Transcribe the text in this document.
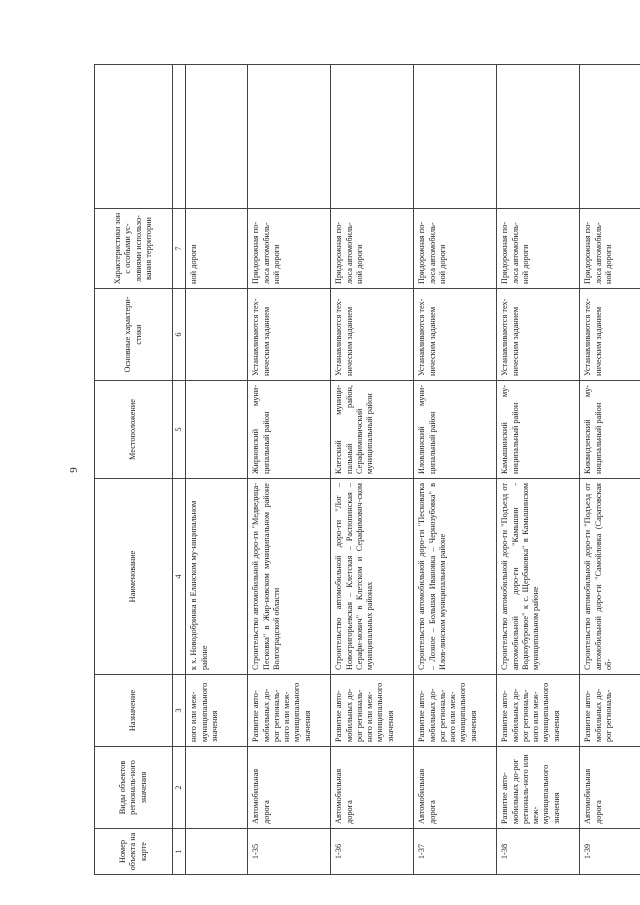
9
Номер объекта на карте	Виды объектов региональ-ного значения	Назначение	Наименование	Местоположение	Основные характери-стики	Характеристики зон с особыми ус-ловиями использо-вания территории	
1	2	3	4	5	6	7	
		ного или меж-муниципального значения	к х. Новодобринка в Еланском му-ниципальном районе			ной дороги	
1-35	Автомобильная дорога	Развитие авто-мобильных до-рог региональ-ного или меж-муниципального значения	Строительство автомобильной доро-ги "Медведица-Песковка" в Жир-новском муниципальном районе Волгоградской области	Жирновский муни-ципальный район	Устанавливаются тех-ническим заданием	Придорожная по-лоса автомобиль-ной дороги	
1-36	Автомобильная дорога	Развитие авто-мобильных до-рог региональ-ного или меж-муниципального значения	Строительство автомобильной доро-ги "Лог – Новогригорьевская – Клетская – Распопинская – Серафи-мович" в Клетском и Серафимович-ском муниципальных районах	Клетский муници-пальный район, Серафимовичский муниципальный район	Устанавливаются тех-ническим заданием	Придорожная по-лоса автомобиль-ной дороги	
1-37	Автомобильная дорога	Развитие авто-мобильных до-рог региональ-ного или меж-муниципального значения	Строительство автомобильной доро-ги "Песковатка – Лозное – Большая Ивановка – Чернозубовка" в Илов-линском муниципальном районе	Иловлинский муни-ципальный район	Устанавливаются тех-ническим заданием	Придорожная по-лоса автомобиль-ной дороги	
1-38	Развитие авто-мобильных до-рог региональ-ного или меж-муниципального значения	Развитие авто-мобильных до-рог региональ-ного или меж-муниципального значения	Строительство автомобильной доро-ги "Подъезд от автомобильной доро-ги "Камышин - Водноубуровое" к с. Щербаковка" в Камышинском муниципальном районе	Камышинский му-ниципальный район	Устанавливаются тех-ническим заданием	Придорожная по-лоса автомобиль-ной дороги	
1-39	Автомобильная дорога	Развитие авто-мобильных до-рог региональ-	Строительство автомобильной доро-ги "Подъезд от автомобильной доро-ги "Самойловка (Саратовская об-	Киквидзенский му-ниципальный район	Устанавливаются тех-ническим заданием	Придорожная по-лоса автомобиль-ной дороги	
